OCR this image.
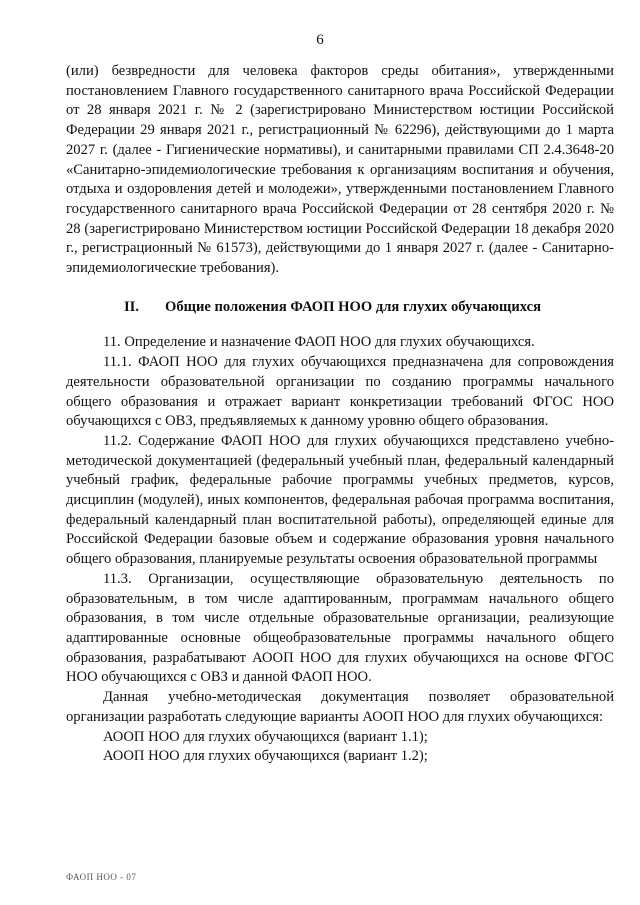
6

(или) безвредности для человека факторов среды обитания», утвержденными постановлением Главного государственного санитарного врача Российской Федерации от 28 января 2021 г. № 2 (зарегистрировано Министерством юстиции Российской Федерации 29 января 2021 г., регистрационный № 62296), действующими до 1 марта 2027 г. (далее - Гигиенические нормативы), и санитарными правилами СП 2.4.3648-20 «Санитарно-эпидемиологические требования к организациям воспитания и обучения, отдыха и оздоровления детей и молодежи», утвержденными постановлением Главного государственного санитарного врача Российской Федерации от 28 сентября 2020 г. № 28 (зарегистрировано Министерством юстиции Российской Федерации 18 декабря 2020 г., регистрационный № 61573), действующими до 1 января 2027 г. (далее - Санитарно-эпидемиологические требования).

II. Общие положения ФАОП НОО для глухих обучающихся

11. Определение и назначение ФАОП НОО для глухих обучающихся.

11.1. ФАОП НОО для глухих обучающихся предназначена для сопровождения деятельности образовательной организации по созданию программы начального общего образования и отражает вариант конкретизации требований ФГОС НОО обучающихся с ОВЗ, предъявляемых к данному уровню общего образования.

11.2. Содержание ФАОП НОО для глухих обучающихся представлено учебно-методической документацией (федеральный учебный план, федеральный календарный учебный график, федеральные рабочие программы учебных предметов, курсов, дисциплин (модулей), иных компонентов, федеральная рабочая программа воспитания, федеральный календарный план воспитательной работы), определяющей единые для Российской Федерации базовые объем и содержание образования уровня начального общего образования, планируемые результаты освоения образовательной программы

11.3. Организации, осуществляющие образовательную деятельность по образовательным, в том числе адаптированным, программам начального общего образования, в том числе отдельные образовательные организации, реализующие адаптированные основные общеобразовательные программы начального общего образования, разрабатывают АООП НОО для глухих обучающихся на основе ФГОС НОО обучающихся с ОВЗ и данной ФАОП НОО.

Данная учебно-методическая документация позволяет образовательной организации разработать следующие варианты АООП НОО для глухих обучающихся:

АООП НОО для глухих обучающихся (вариант 1.1);

АООП НОО для глухих обучающихся (вариант 1.2);

ФАОП НОО - 07
